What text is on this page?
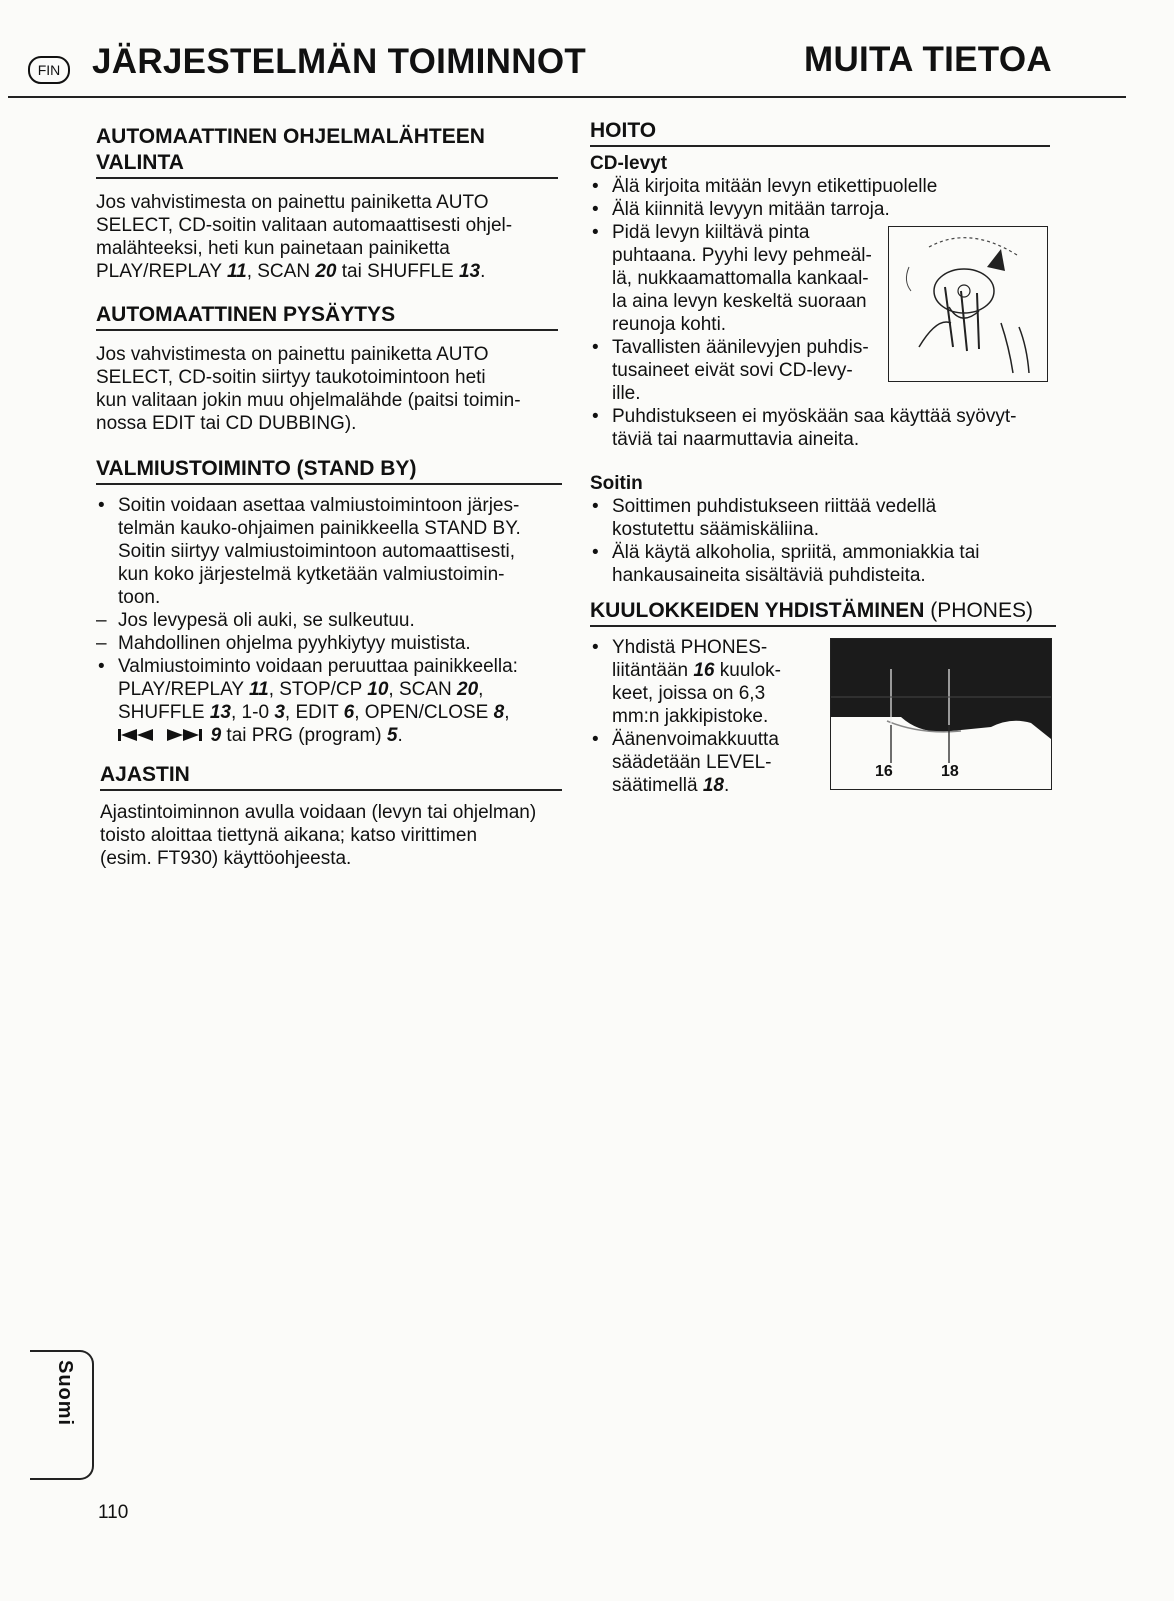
FIN JÄRJESTELMÄN TOIMINNOT	MUITA TIETOA
AUTOMAATTINEN OHJELMALÄHTEEN
VALINTA
Jos vahvistimesta on painettu painiketta AUTO
SELECT, CD-soitin valitaan automaattisesti ohjel-
malähteeksi, heti kun painetaan painiketta
PLAY/REPLAY 11, SCAN 20 tai SHUFFLE 13.
AUTOMAATTINEN PYSÄYTYS
Jos vahvistimesta on painettu painiketta AUTO
SELECT, CD-soitin siirtyy taukotoimintoon heti
kun valitaan jokin muu ohjelmalähde (paitsi toimin-
nossa EDIT tai CD DUBBING).
VALMIUSTOIMINTO (STAND BY)
• Soitin voidaan asettaa valmiustoimintoon järjes-
telmän kauko-ohjaimen painikkeella STAND BY.
Soitin siirtyy valmiustoimintoon automaattisesti,
kun koko järjestelmä kytketään valmiustoimin-
toon.
– Jos levypesä oli auki, se sulkeutuu.
– Mahdollinen ohjelma pyyhkiytyy muistista.
• Valmiustoiminto voidaan peruuttaa painikkeella:
PLAY/REPLAY 11, STOP/CP 10, SCAN 20,
SHUFFLE 13, 1-0 3, EDIT 6, OPEN/CLOSE 8,
9 tai PRG (program) 5.
AJASTIN
Ajastintoiminnon avulla voidaan (levyn tai ohjelman)
toisto aloittaa tiettynä aikana; katso virittimen
(esim. FT930) käyttöohjeesta.
HOITO
CD-levyt
• Älä kirjoita mitään levyn etikettipuolelle
• Älä kiinnitä levyyn mitään tarroja.
• Pidä levyn kiiltävä pinta
puhtaana. Pyyhi levy pehmeäl-
lä, nukkaamattomalla kankaal-
la aina levyn keskeltä suoraan
reunoja kohti.
• Tavallisten äänilevyjen puhdis-
tusaineet eivät sovi CD-levy-
ille.
• Puhdistukseen ei myöskään saa käyttää syövyt-
täviä tai naarmuttavia aineita.
Soitin
• Soittimen puhdistukseen riittää vedellä
kostutettu säämiskäliina.
• Älä käytä alkoholia, spriitä, ammoniakkia tai
hankausaineita sisältäviä puhdisteita.
KUULOKKEIDEN YHDISTÄMINEN (PHONES)
• Yhdistä PHONES-
liitäntään 16 kuulok-
keet, joissa on 6,3
mm:n jakkipistoke.
• Äänenvoimakkuutta
säädetään LEVEL-
säätimellä 18.
16	18
Suomi
110
